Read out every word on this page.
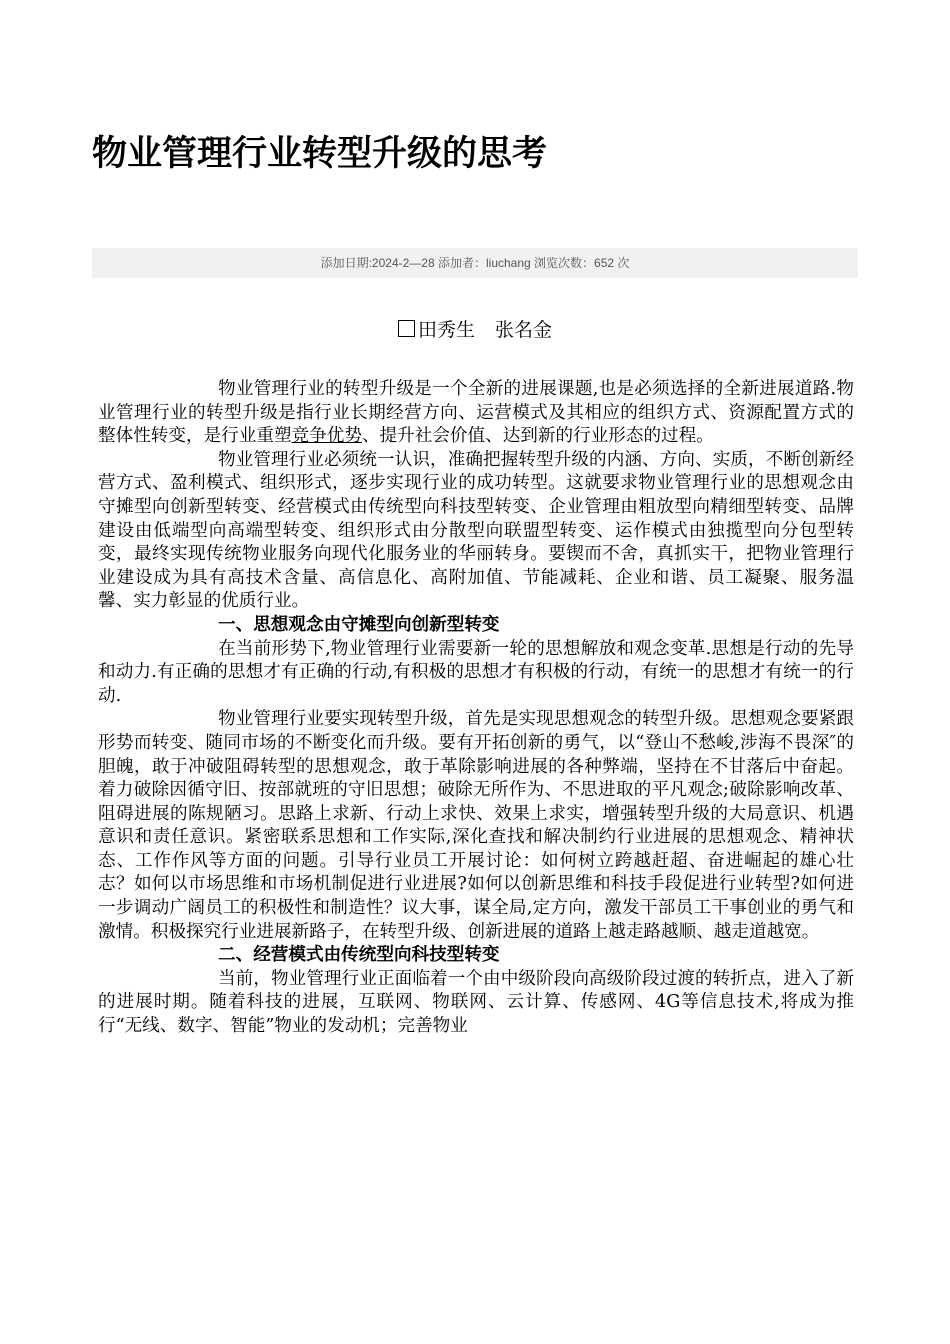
物业管理行业转型升级的思考
添加日期:2024-2—28 添加者：liuchang 浏览次数：652 次
田秀生 张名金

物业管理行业的转型升级是一个全新的进展课题,也是必须选择的全新进展道路.物业管理行业的转型升级是指行业长期经营方向、运营模式及其相应的组织方式、资源配置方式的整体性转变，是行业重塑竞争优势、提升社会价值、达到新的行业形态的过程。

物业管理行业必须统一认识，准确把握转型升级的内涵、方向、实质，不断创新经营方式、盈利模式、组织形式，逐步实现行业的成功转型。这就要求物业管理行业的思想观念由守摊型向创新型转变、经营模式由传统型向科技型转变、企业管理由粗放型向精细型转变、品牌建设由低端型向高端型转变、组织形式由分散型向联盟型转变、运作模式由独揽型向分包型转变，最终实现传统物业服务向现代化服务业的华丽转身。要锲而不舍，真抓实干，把物业管理行业建设成为具有高技术含量、高信息化、高附加值、节能减耗、企业和谐、员工凝聚、服务温馨、实力彰显的优质行业。

一、思想观念由守摊型向创新型转变

在当前形势下,物业管理行业需要新一轮的思想解放和观念变革.思想是行动的先导和动力.有正确的思想才有正确的行动,有积极的思想才有积极的行动，有统一的思想才有统一的行动.

物业管理行业要实现转型升级，首先是实现思想观念的转型升级。思想观念要紧跟形势而转变、随同市场的不断变化而升级。要有开拓创新的勇气，以“登山不愁峻,涉海不畏深″的胆魄，敢于冲破阻碍转型的思想观念，敢于革除影响进展的各种弊端，坚持在不甘落后中奋起。着力破除因循守旧、按部就班的守旧思想；破除无所作为、不思进取的平凡观念;破除影响改革、阻碍进展的陈规陋习。思路上求新、行动上求快、效果上求实，增强转型升级的大局意识、机遇意识和责任意识。紧密联系思想和工作实际,深化查找和解决制约行业进展的思想观念、精神状态、工作作风等方面的问题。引导行业员工开展讨论：如何树立跨越赶超、奋进崛起的雄心壮志？如何以市场思维和市场机制促进行业进展?如何以创新思维和科技手段促进行业转型?如何进一步调动广阔员工的积极性和制造性？议大事，谋全局,定方向，激发干部员工干事创业的勇气和激情。积极探究行业进展新路子，在转型升级、创新进展的道路上越走路越顺、越走道越宽。

二、经营模式由传统型向科技型转变

当前，物业管理行业正面临着一个由中级阶段向高级阶段过渡的转折点，进入了新的进展时期。随着科技的进展，互联网、物联网、云计算、传感网、4G等信息技术,将成为推行“无线、数字、智能”物业的发动机；完善物业
